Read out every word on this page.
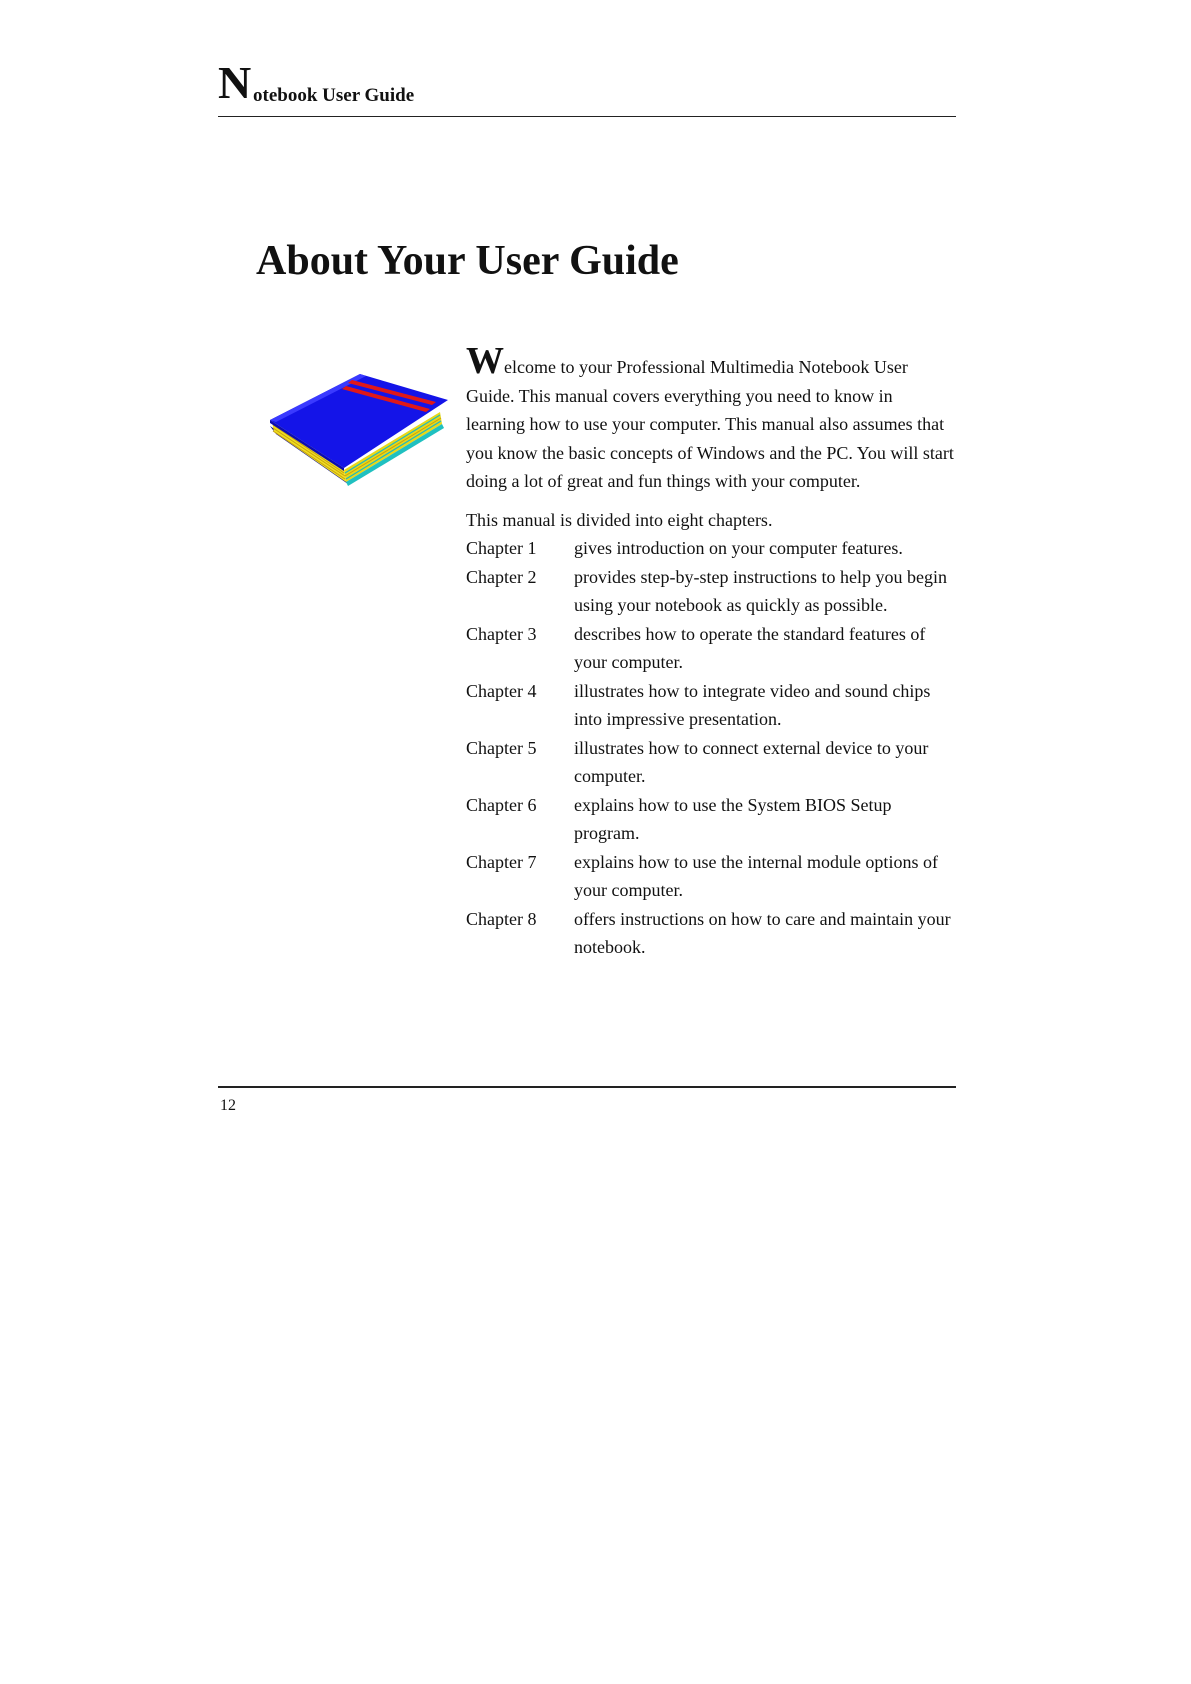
N otebook User Guide
About Your User Guide

Welcome to your Professional Multimedia Notebook User Guide. This manual covers everything you need to know in learning how to use your computer. This manual also assumes that you know the basic concepts of Windows and the PC. You will start doing a lot of great and fun things with your computer.

This manual is divided into eight chapters.

Chapter 1	gives introduction on your computer features.
Chapter 2	provides step-by-step instructions to help you begin using your notebook as quickly as possible.
Chapter 3	describes how to operate the standard features of your computer.
Chapter 4	illustrates how to integrate video and sound chips into impressive presentation.
Chapter 5	illustrates how to connect external device to your computer.
Chapter 6	explains how to use the System BIOS Setup program.
Chapter 7	explains how to use the internal module options of your computer.
Chapter 8	offers instructions on how to care and maintain your notebook.
12
